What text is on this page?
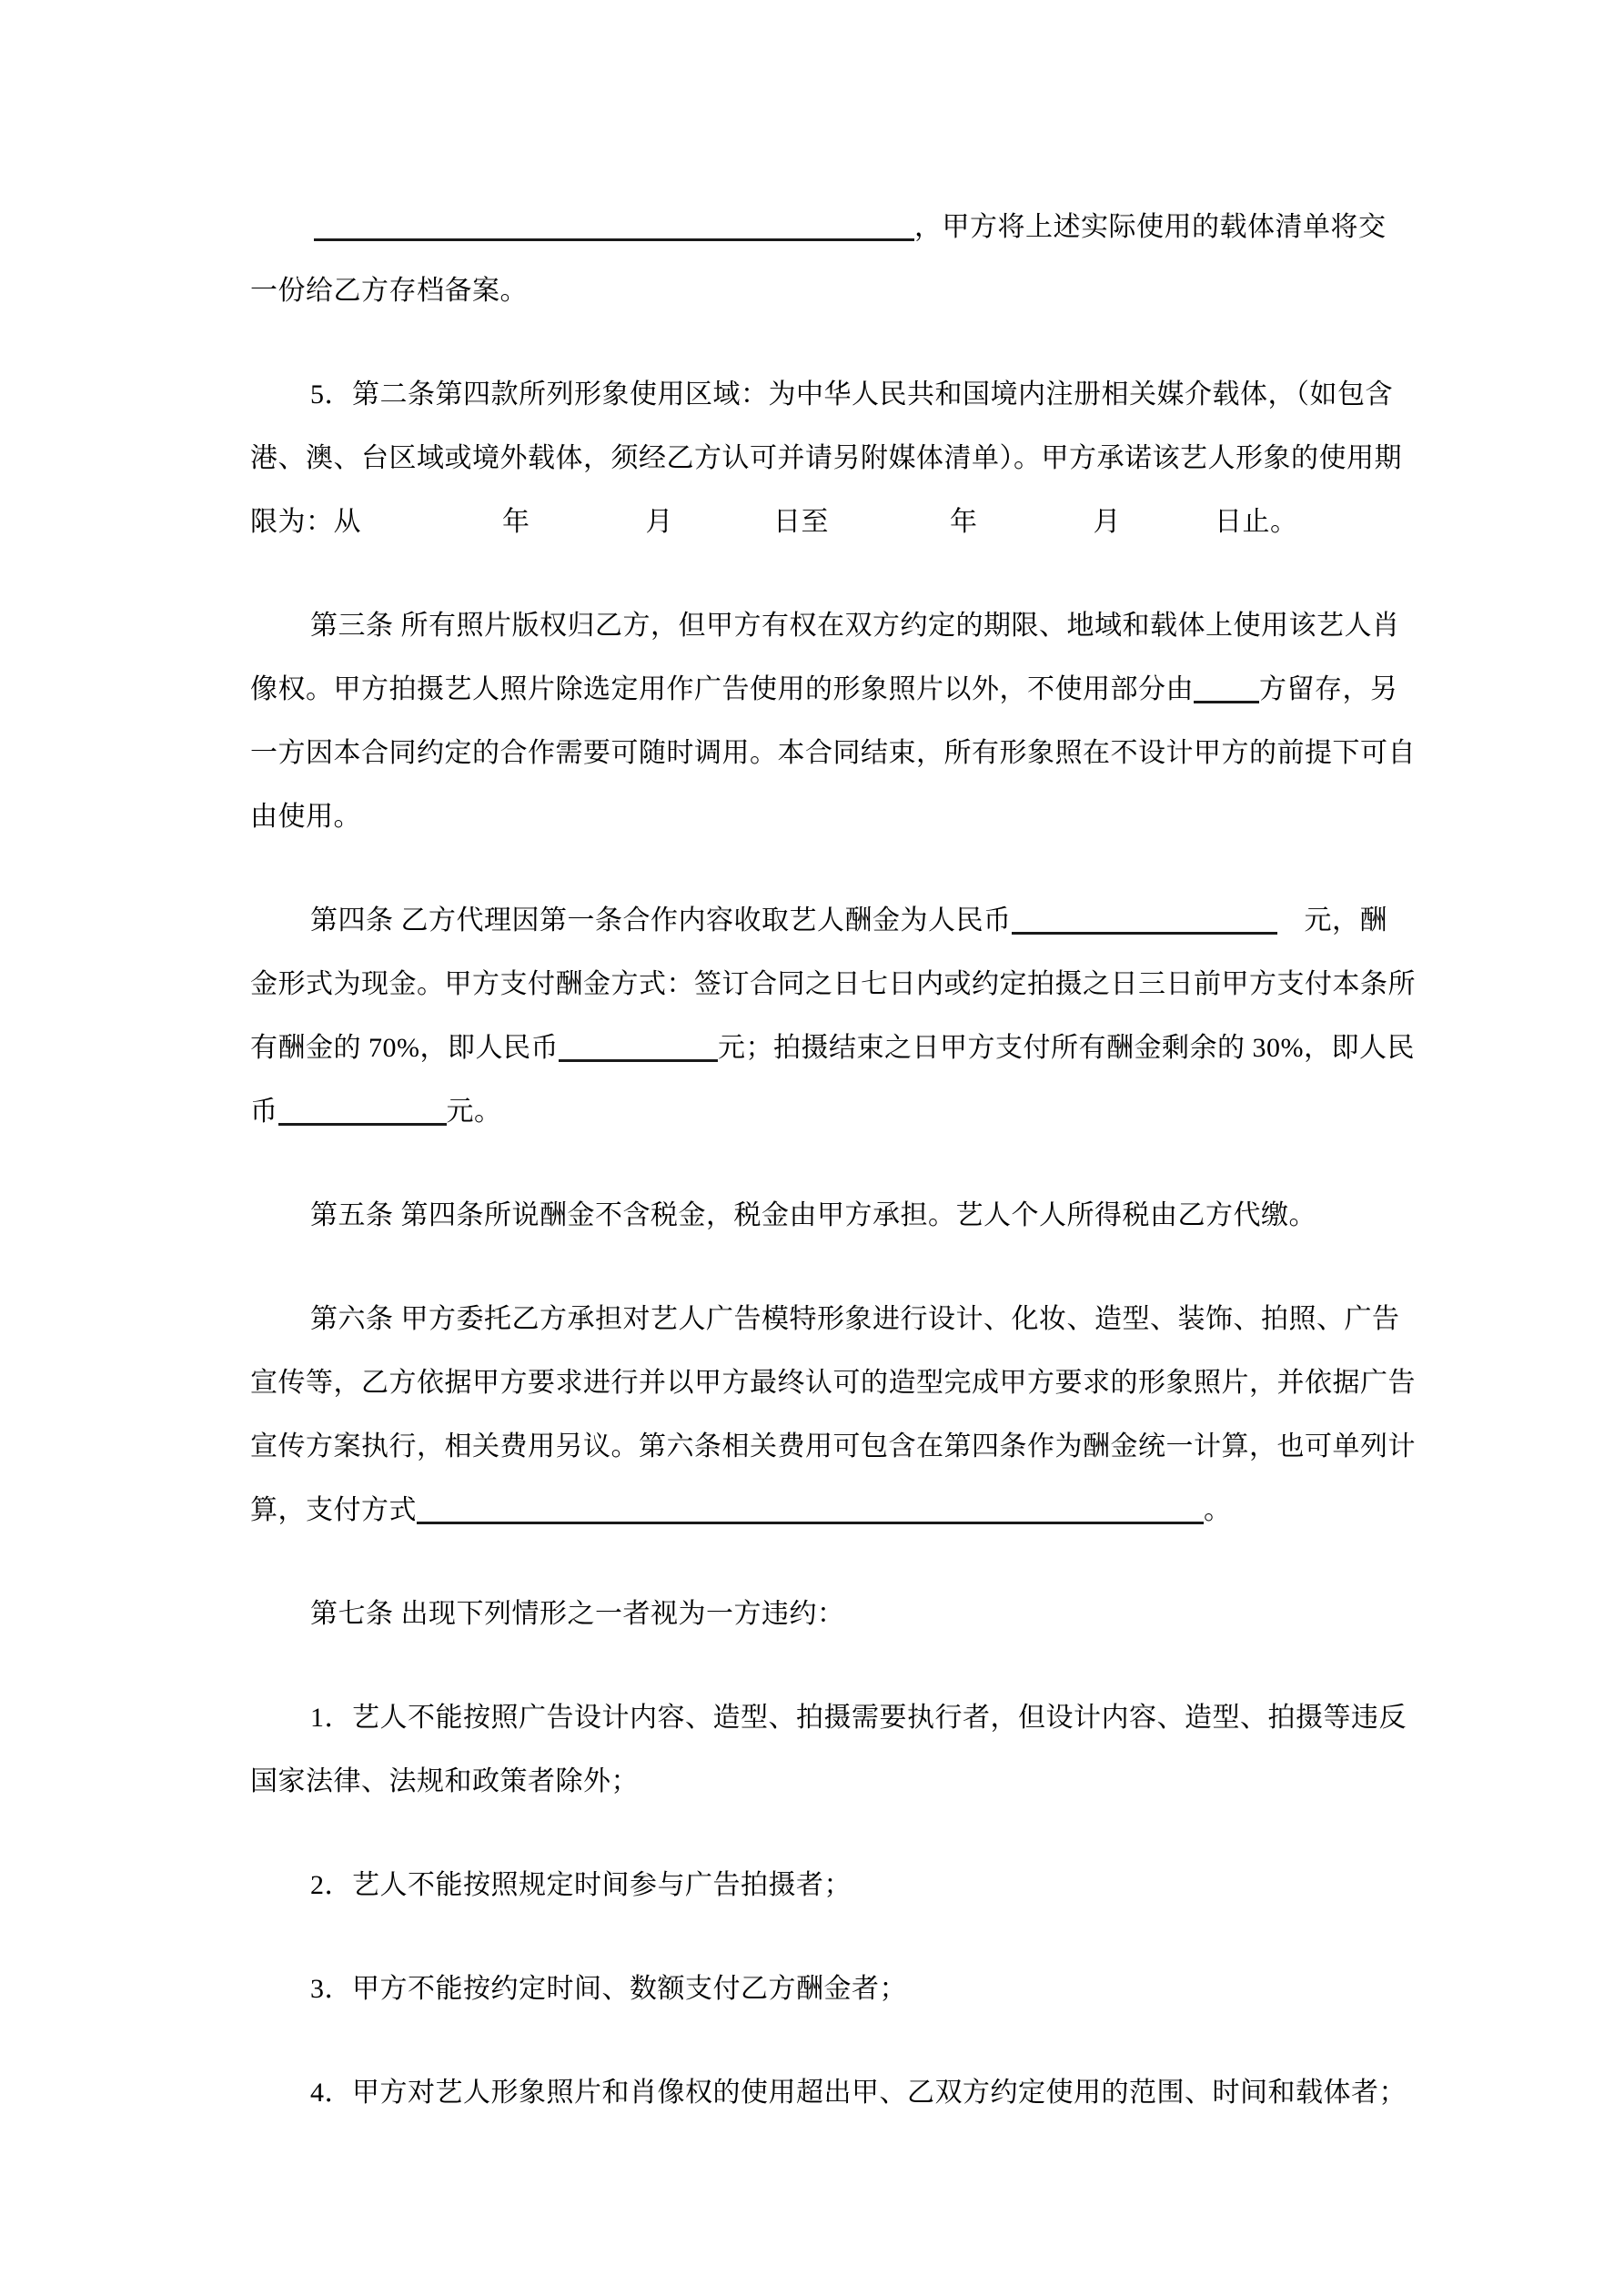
，甲方将上述实际使用的载体清单将交
一份给乙方存档备案。
5．第二条第四款所列形象使用区域：为中华人民共和国境内注册相关媒介载体，（如包含
港、澳、台区域或境外载体，须经乙方认可并请另附媒体清单）。甲方承诺该艺人形象的使用期
限为：从	年	月	日至	年	月	日止。
第三条 所有照片版权归乙方，但甲方有权在双方约定的期限、地域和载体上使用该艺人肖
像权。甲方拍摄艺人照片除选定用作广告使用的形象照片以外，不使用部分由 方留存，另
一方因本合同约定的合作需要可随时调用。本合同结束，所有形象照在不设计甲方的前提下可自
由使用。
第四条 乙方代理因第一条合作内容收取艺人酬金为人民币	元，酬
金形式为现金。甲方支付酬金方式：签订合同之日七日内或约定拍摄之日三日前甲方支付本条所
有酬金的 70%，即人民币	元；拍摄结束之日甲方支付所有酬金剩余的 30%，即人民
币	元。
第五条 第四条所说酬金不含税金，税金由甲方承担。艺人个人所得税由乙方代缴。
第六条 甲方委托乙方承担对艺人广告模特形象进行设计、化妆、造型、装饰、拍照、广告
宣传等，乙方依据甲方要求进行并以甲方最终认可的造型完成甲方要求的形象照片，并依据广告
宣传方案执行，相关费用另议。第六条相关费用可包含在第四条作为酬金统一计算，也可单列计
算，支付方式	。
第七条 出现下列情形之一者视为一方违约：
1．艺人不能按照广告设计内容、造型、拍摄需要执行者，但设计内容、造型、拍摄等违反
国家法律、法规和政策者除外；
2．艺人不能按照规定时间参与广告拍摄者；
3．甲方不能按约定时间、数额支付乙方酬金者；
4．甲方对艺人形象照片和肖像权的使用超出甲、乙双方约定使用的范围、时间和载体者；
